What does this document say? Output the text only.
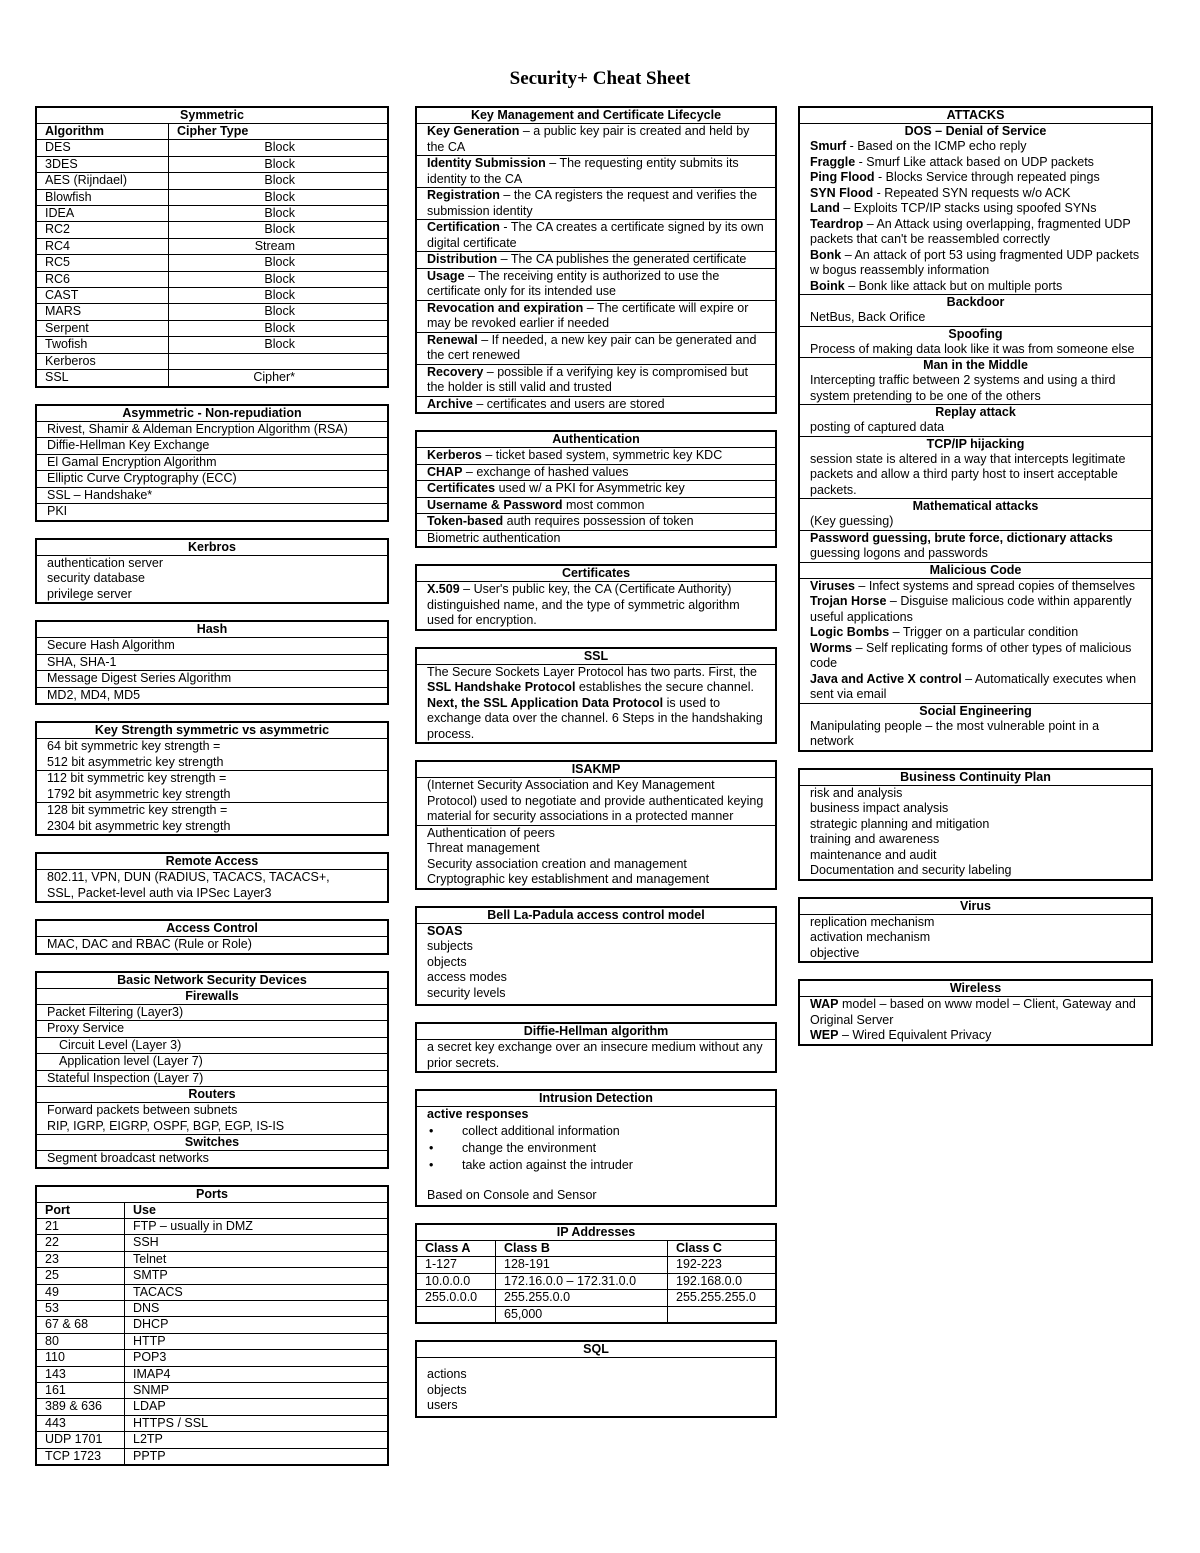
Security+ Cheat Sheet
Symmetric
Algorithm	Cipher Type
DES	Block
3DES	Block
AES (Rijndael)	Block
Blowfish	Block
IDEA	Block
RC2	Block
RC4	Stream
RC5	Block
RC6	Block
CAST	Block
MARS	Block
Serpent	Block
Twofish	Block
Kerberos	
SSL	Cipher*
Asymmetric - Non-repudiation
Rivest, Shamir & Aldeman Encryption Algorithm (RSA)
Diffie-Hellman Key Exchange
El Gamal Encryption Algorithm
Elliptic Curve Cryptography (ECC)
SSL – Handshake*
PKI
Kerbros
authentication server
security database
privilege server
Hash
Secure Hash Algorithm
SHA, SHA-1
Message Digest Series Algorithm
MD2, MD4, MD5
Key Strength symmetric vs asymmetric
64 bit symmetric key strength =
512 bit asymmetric key strength
112 bit symmetric key strength =
1792 bit asymmetric key strength
128 bit symmetric key strength =
2304 bit asymmetric key strength
Remote Access
802.11, VPN, DUN (RADIUS, TACACS, TACACS+,
SSL, Packet-level auth via IPSec Layer3
Access Control
MAC, DAC and RBAC (Rule or Role)
Basic Network Security Devices
Firewalls
Packet Filtering (Layer3)
Proxy Service
Circuit Level (Layer 3)
Application level (Layer 7)
Stateful Inspection (Layer 7)
Routers
Forward packets between subnets
RIP, IGRP, EIGRP, OSPF, BGP, EGP, IS-IS
Switches
Segment broadcast networks
Ports
Port	Use
21	FTP – usually in DMZ
22	SSH
23	Telnet
25	SMTP
49	TACACS
53	DNS
67 & 68	DHCP
80	HTTP
110	POP3
143	IMAP4
161	SNMP
389 & 636	LDAP
443	HTTPS / SSL
UDP 1701	L2TP
TCP 1723	PPTP
Key Management and Certificate Lifecycle
Key Generation – a public key pair is created and held by the CA
Identity Submission – The requesting entity submits its identity to the CA
Registration – the CA registers the request and verifies the submission identity
Certification - The CA creates a certificate signed by its own digital certificate
Distribution – The CA publishes the generated certificate
Usage – The receiving entity is authorized to use the certificate only for its intended use
Revocation and expiration – The certificate will expire or may be revoked earlier if needed
Renewal – If needed, a new key pair can be generated and the cert renewed
Recovery – possible if a verifying key is compromised but the holder is still valid and trusted
Archive – certificates and users are stored
Authentication
Kerberos – ticket based system, symmetric key KDC
CHAP – exchange of hashed values
Certificates used w/ a PKI for Asymmetric key
Username & Password most common
Token-based auth requires possession of token
Biometric authentication
Certificates
X.509 – User's public key, the CA (Certificate Authority) distinguished name, and the type of symmetric algorithm used for encryption.
SSL
The Secure Sockets Layer Protocol has two parts. First, the SSL Handshake Protocol establishes the secure channel. Next, the SSL Application Data Protocol is used to exchange data over the channel. 6 Steps in the handshaking process.
ISAKMP
(Internet Security Association and Key Management Protocol) used to negotiate and provide authenticated keying material for security associations in a protected manner
Authentication of peers
Threat management
Security association creation and management
Cryptographic key establishment and management
Bell La-Padula access control model
SOAS
subjects
objects
access modes
security levels
Diffie-Hellman algorithm
a secret key exchange over an insecure medium without any prior secrets.
Intrusion Detection
active responses
• collect additional information
• change the environment
• take action against the intruder
Based on Console and Sensor
IP Addresses
Class A	Class B	Class C
1-127	128-191	192-223
10.0.0.0	172.16.0.0 – 172.31.0.0	192.168.0.0
255.0.0.0	255.255.0.0	255.255.255.0
	65,000	
SQL
actions
objects
users
ATTACKS
DOS – Denial of Service
Smurf - Based on the ICMP echo reply
Fraggle - Smurf Like attack based on UDP packets
Ping Flood - Blocks Service through repeated pings
SYN Flood - Repeated SYN requests w/o ACK
Land – Exploits TCP/IP stacks using spoofed SYNs
Teardrop – An Attack using overlapping, fragmented UDP packets that can't be reassembled correctly
Bonk – An attack of port 53 using fragmented UDP packets w bogus reassembly information
Boink – Bonk like attack but on multiple ports
Backdoor
NetBus, Back Orifice
Spoofing
Process of making data look like it was from someone else
Man in the Middle
Intercepting traffic between 2 systems and using a third system pretending to be one of the others
Replay attack
posting of captured data
TCP/IP hijacking
session state is altered in a way that intercepts legitimate packets and allow a third party host to insert acceptable packets.
Mathematical attacks
(Key guessing)
Password guessing, brute force, dictionary attacks
guessing logons and passwords
Malicious Code
Viruses – Infect systems and spread copies of themselves
Trojan Horse – Disguise malicious code within apparently useful applications
Logic Bombs – Trigger on a particular condition
Worms – Self replicating forms of other types of malicious code
Java and Active X control – Automatically executes when sent via email
Social Engineering
Manipulating people – the most vulnerable point in a network
Business Continuity Plan
risk and analysis
business impact analysis
strategic planning and mitigation
training and awareness
maintenance and audit
Documentation and security labeling
Virus
replication mechanism
activation mechanism
objective
Wireless
WAP model – based on www model – Client, Gateway and Original Server
WEP – Wired Equivalent Privacy
